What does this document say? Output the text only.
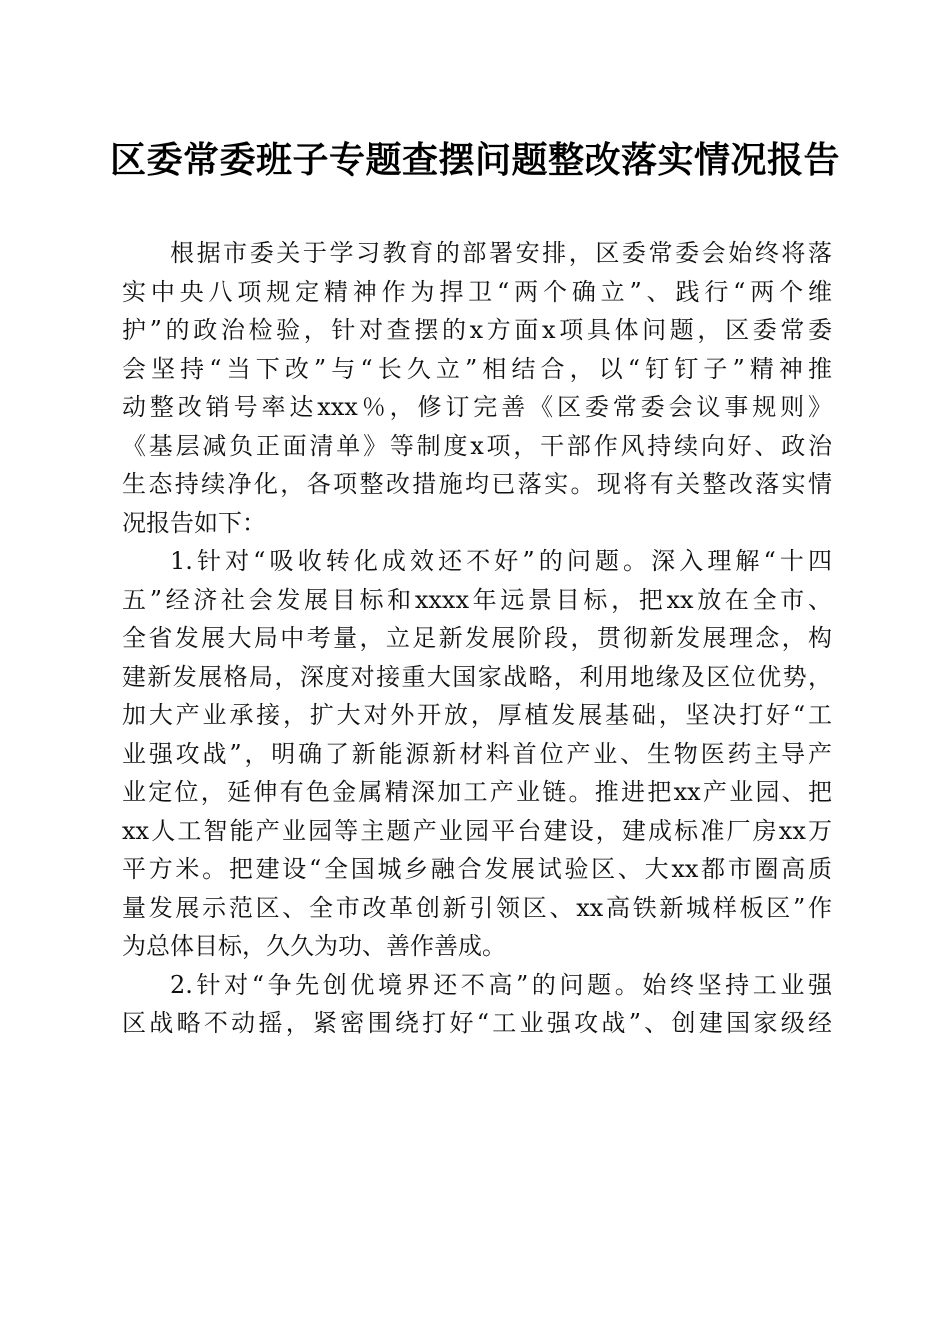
区委常委班子专题查摆问题整改落实情况报告

根据市委关于学习教育的部署安排，区委常委会始终将落
实中央八项规定精神作为捍卫“两个确立”、践行“两个维
护”的政治检验，针对查摆的x方面x项具体问题，区委常委
会坚持“当下改”与“长久立”相结合，以“钉钉子”精神推
动整改销号率达xxx％，修订完善《区委常委会议事规则》
《基层减负正面清单》等制度x项，干部作风持续向好、政治
生态持续净化，各项整改措施均已落实。现将有关整改落实情
况报告如下：

1.针对“吸收转化成效还不好”的问题。深入理解“十四
五”经济社会发展目标和xxxx年远景目标，把xx放在全市、
全省发展大局中考量，立足新发展阶段，贯彻新发展理念，构
建新发展格局，深度对接重大国家战略，利用地缘及区位优势，
加大产业承接，扩大对外开放，厚植发展基础，坚决打好“工
业强攻战”，明确了新能源新材料首位产业、生物医药主导产
业定位，延伸有色金属精深加工产业链。推进把xx产业园、把
xx人工智能产业园等主题产业园平台建设，建成标准厂房xx万
平方米。把建设“全国城乡融合发展试验区、大xx都市圈高质
量发展示范区、全市改革创新引领区、xx高铁新城样板区”作
为总体目标，久久为功、善作善成。

2.针对“争先创优境界还不高”的问题。始终坚持工业强
区战略不动摇，紧密围绕打好“工业强攻战”、创建国家级经
